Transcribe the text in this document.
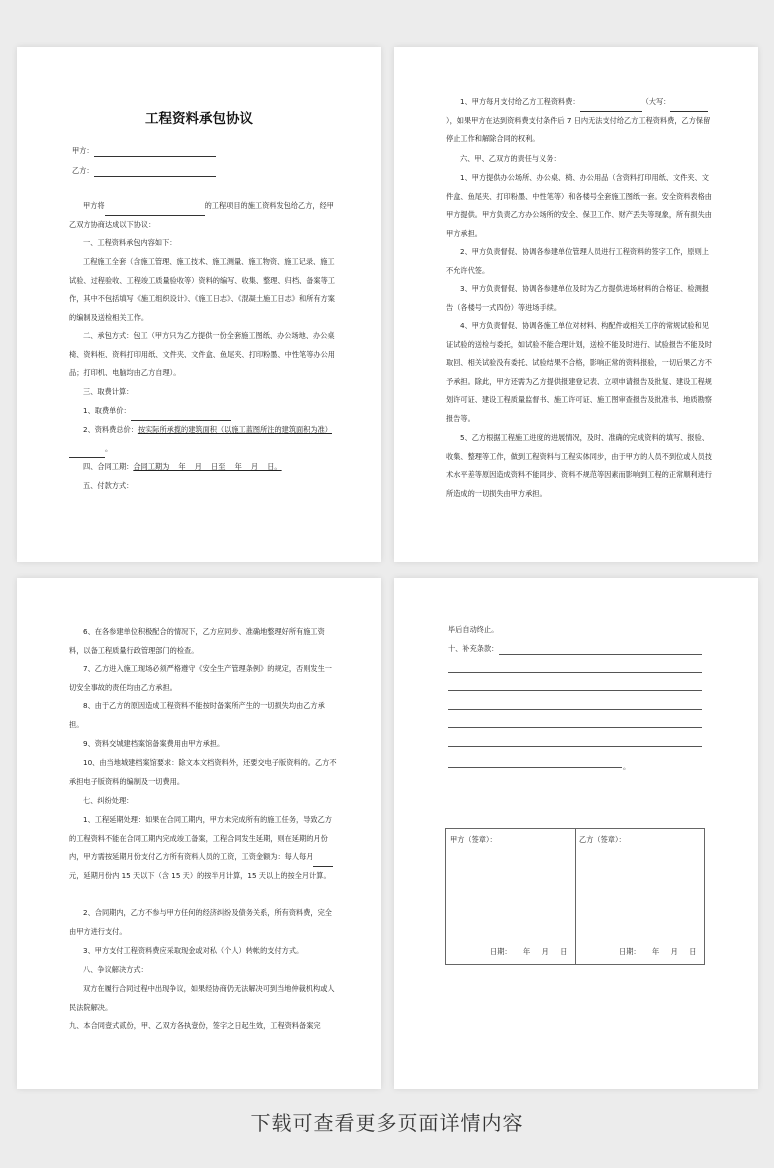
工程资料承包协议
甲方：
乙方：
甲方将	的工程项目的施工资料发包给乙方，经甲乙双方协商达成以下协议：
一、工程资料承包内容如下：
工程施工全套（含施工管理、施工技术、施工测量、施工物资、施工记录、施工试验、过程验收、工程竣工质量验收等）资料的编写、收集、整理、归档、备案等工作，其中不包括填写《施工组织设计》、《施工日志》、《混凝土施工日志》和所有方案的编制及送检相关工作。
二、承包方式：包工（甲方只为乙方提供一份全套施工图纸、办公场地、办公桌椅、资料柜、资料打印用纸、文件夹、文件盒、鱼尾夹、打印粉墨、中性笔等办公用品；打印机、电脑均由乙方自理）。
三、取费计算：
1、取费单价：
2、资料费总价：按实际所承揽的建筑面积（以施工蓝图所注的建筑面积为准）。
四、合同工期：合同工期为    年    月    日至    年    月    日。
五、付款方式：
1、甲方每月支付给乙方工程资料费：	（大写：），如果甲方在达到资料费支付条件后 7 日内无法支付给乙方工程资料费，乙方保留停止工作和解除合同的权利。
六、甲、乙双方的责任与义务：
1、甲方提供办公场所、办公桌、椅、办公用品（含资料打印用纸、文件夹、文件盒、鱼尾夹、打印粉墨、中性笔等）和各楼号全套施工图纸一套。安全资料表格由甲方提供。甲方负责乙方办公场所的安全、保卫工作、财产丢失等现象，所有损失由甲方承担。
2、甲方负责督促、协调各参建单位管理人员进行工程资料的签字工作，原则上不允许代签。
3、甲方负责督促、协调各参建单位及时为乙方提供进场材料的合格证、检测报告（各楼号一式四份）等进场手续。
4、甲方负责督促、协调各施工单位对材料、构配件或相关工序的常规试验和见证试验的送检与委托，如试验不能合理计划，送检不能及时进行、试验报告不能及时取回、相关试验没有委托、试验结果不合格，影响正常的资料报验，一切后果乙方不予承担。除此，甲方还需为乙方提供报建登记表、立项申请报告及批复、建设工程规划许可证、建设工程质量监督书、施工许可证、施工图审查报告及批准书、地质勘察报告等。
5、乙方根据工程施工进度的进展情况，及时、准确的完成资料的填写、报验、收集、整理等工作，做到工程资料与工程实体同步，由于甲方的人员不到位或人员技术水平差等原因造成资料不能同步、资料不规范等因素而影响到工程的正常顺利进行所造成的一切损失由甲方承担。
6、在各参建单位积极配合的情况下，乙方应同步、准确地整理好所有施工资料，以备工程质量行政管理部门的检查。
7、乙方进入施工现场必须严格遵守《安全生产管理条例》的规定，否则发生一切安全事故的责任均由乙方承担。
8、由于乙方的原因造成工程资料不能按时备案所产生的一切损失均由乙方承担。
9、资料交城建档案馆备案费用由甲方承担。
10、由当地城建档案馆要求：除文本文档资料外，还要交电子版资料的。乙方不承担电子版资料的编制及一切费用。
七、纠纷处理：
1、工程延期处理：如果在合同工期内，甲方未完成所有的施工任务，导致乙方的工程资料不能在合同工期内完成竣工备案，工程合同发生延期，则在延期的月份内，甲方需按延期月份支付乙方所有资料人员的工资，工资金额为：每人每月元，延期月份内 15 天以下（含 15 天）的按半月计算，15 天以上的按全月计算。
2、合同期内，乙方不参与甲方任何的经济纠纷及债务关系，所有资料费，完全由甲方进行支付。
3、甲方支付工程资料费应采取现金或对私（个人）转帐的支付方式。
八、争议解决方式：
双方在履行合同过程中出现争议，如果经协商仍无法解决可到当地仲裁机构或人民法院解决。
九、本合同壹式贰份，甲、乙双方各执壹份，签字之日起生效，工程资料备案完
毕后自动终止。
十、补充条款：
。
甲方（签章）：
日期：     年     月     日
乙方（签章）：
日期：     年     月     日
下载可查看更多页面详情内容
